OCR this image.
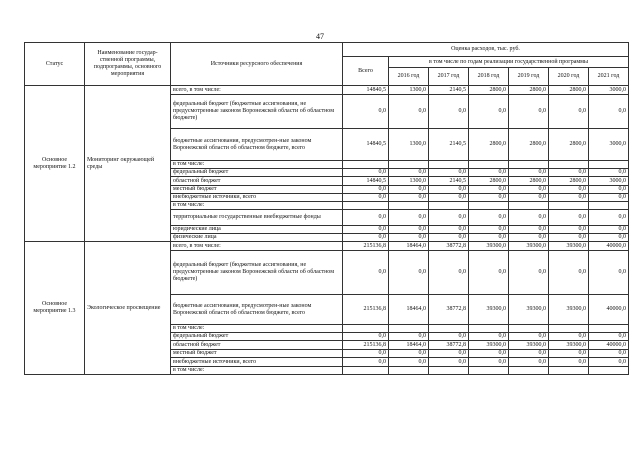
47
Статус	Наименование государ-ственной программы, подпрограммы, основного мероприятия	Источники ресурсного обеспечения	Оценка расходов, тыс. руб.						
			Всего	в том числе по годам реализации государственной программы					
				2016 год	2017 год	2018 год	2019 год	2020 год	2021 год
Основное мероприятие 1.2	Мониторинг окружающей среды	всего, в том числе:	14840,5	1300,0	2140,5	2800,0	2800,0	2800,0	3000,0
		федеральный бюджет (бюджетные ассигнования, не предусмотренные законом Воронежской области об областном бюджете)	0,0	0,0	0,0	0,0	0,0	0,0	0,0
		бюджетные ассигнования, предусмотрен-ные законом Воронежской области об областном бюджете, всего	14840,5	1300,0	2140,5	2800,0	2800,0	2800,0	3000,0
		в том числе:							
		федеральный бюджет	0,0	0,0	0,0	0,0	0,0	0,0	0,0
		областной бюджет	14840,5	1300,0	2140,5	2800,0	2800,0	2800,0	3000,0
		местный бюджет	0,0	0,0	0,0	0,0	0,0	0,0	0,0
		внебюджетные источники, всего	0,0	0,0	0,0	0,0	0,0	0,0	0,0
		в том числе:							
		территориальные государственные внебюджетные фонды	0,0	0,0	0,0	0,0	0,0	0,0	0,0
		юридические лица	0,0	0,0	0,0	0,0	0,0	0,0	0,0
		физические лица	0,0	0,0	0,0	0,0	0,0	0,0	0,0
Основное мероприятие 1.3	Экологическое просвещение	всего, в том числе:	215136,8	18464,0	38772,8	39300,0	39300,0	39300,0	40000,0
		федеральный бюджет (бюджетные ассигнования, не предусмотренные законом Воронежской области об областном бюджете)	0,0	0,0	0,0	0,0	0,0	0,0	0,0
		бюджетные ассигнования, предусмотрен-ные законом Воронежской области об областном бюджете, всего	215136,8	18464,0	38772,8	39300,0	39300,0	39300,0	40000,0
		в том числе:							
		федеральный бюджет	0,0	0,0	0,0	0,0	0,0	0,0	0,0
		областной бюджет	215136,8	18464,0	38772,8	39300,0	39300,0	39300,0	40000,0
		местный бюджет	0,0	0,0	0,0	0,0	0,0	0,0	0,0
		внебюджетные источники, всего	0,0	0,0	0,0	0,0	0,0	0,0	0,0
		в том числе:							
